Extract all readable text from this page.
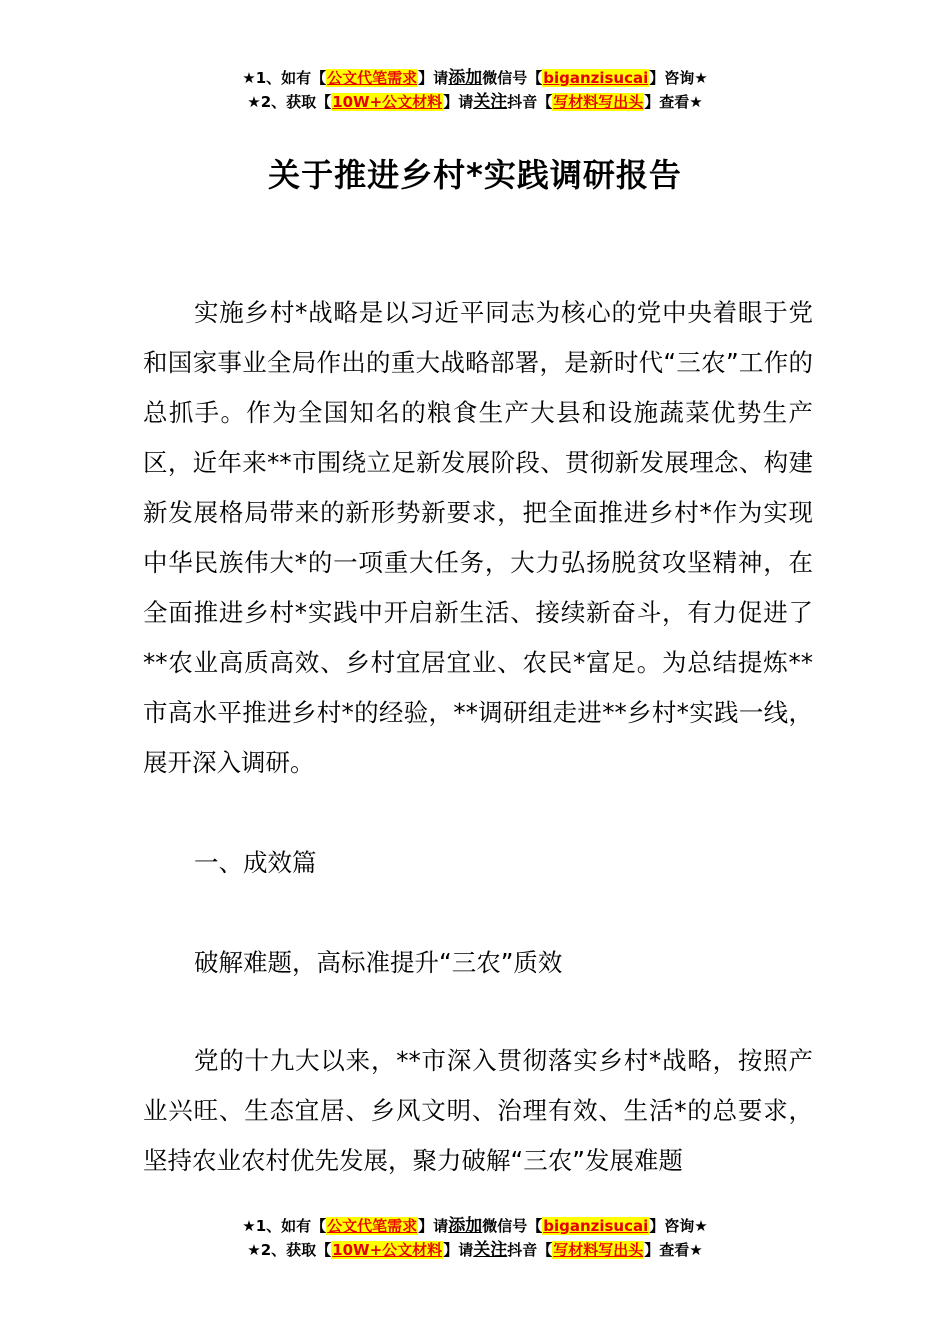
★1、如有【公文代笔需求】请添加微信号【biganzisucai】咨询★
★2、获取【10W+公文材料】请关注抖音【写材料写出头】查看★
关于推进乡村*实践调研报告
实施乡村*战略是以习近平同志为核心的党中央着眼于党和国家事业全局作出的重大战略部署，是新时代“三农”工作的总抓手。作为全国知名的粮食生产大县和设施蔬菜优势生产区，近年来**市围绕立足新发展阶段、贯彻新发展理念、构建新发展格局带来的新形势新要求，把全面推进乡村*作为实现中华民族伟大*的一项重大任务，大力弘扬脱贫攻坚精神，在全面推进乡村*实践中开启新生活、接续新奋斗，有力促进了**农业高质高效、乡村宜居宜业、农民*富足。为总结提炼**市高水平推进乡村*的经验，**调研组走进**乡村*实践一线，展开深入调研。
一、成效篇
破解难题，高标准提升“三农”质效
党的十九大以来，**市深入贯彻落实乡村*战略，按照产业兴旺、生态宜居、乡风文明、治理有效、生活*的总要求，坚持农业农村优先发展，聚力破解“三农”发展难题
★1、如有【公文代笔需求】请添加微信号【biganzisucai】咨询★
★2、获取【10W+公文材料】请关注抖音【写材料写出头】查看★
